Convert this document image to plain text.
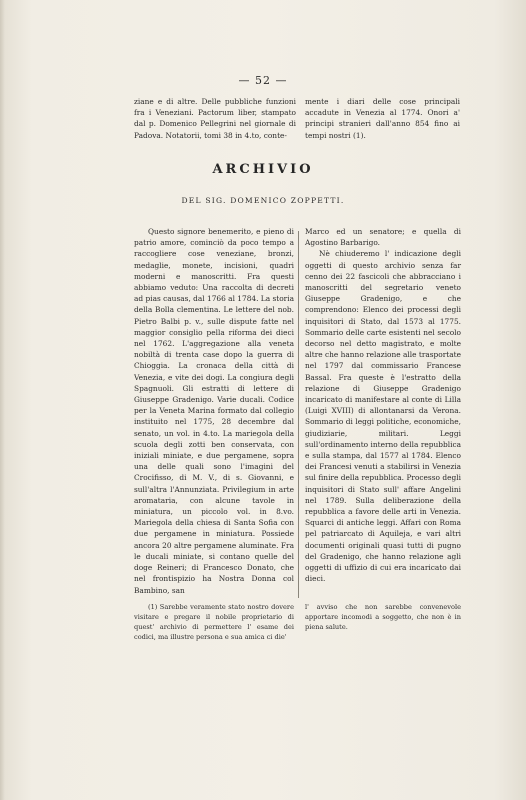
— 52 —

ziane e di altre. Delle pubbliche funzioni fra i Veneziani. Pactorum liber, stampato dal p. Domenico Pellegrini nel giornale di Padova. Notatorii, tomi 38 in 4.to, conte-

mente i diari delle cose principali accadute in Venezia al 1774. Onori a' principi stranieri dall'anno 854 fino ai tempi nostri (1).

ARCHIVIO
DEL SIG. DOMENICO ZOPPETTI.

Questo signore benemerito, e pieno di patrio amore, cominciò da poco tempo a raccogliere cose veneziane, bronzi, medaglie, monete, incisioni, quadri moderni e manoscritti. Fra questi abbiamo veduto: Una raccolta di decreti ad pias causas, dal 1766 al 1784. La storia della Bolla clementina. Le lettere del nob. Pietro Balbi p. v., sulle dispute fatte nel maggior consiglio pella riforma dei dieci nel 1762. L'aggregazione alla veneta nobiltà di trenta case dopo la guerra di Chioggia. La cronaca della città di Venezia, e vite dei dogi. La congiura degli Spagnuoli. Gli estratti di lettere di Giuseppe Gradenigo. Varie ducali. Codice per la Veneta Marina formato dal collegio instituito nel 1775, 28 decembre dal senato, un vol. in 4.to. La mariegola della scuola degli zotti ben conservata, con iniziali miniate, e due pergamene, sopra una delle quali sono l'imagini del Crocifisso, di M. V., di s. Giovanni, e sull'altra l'Annunziata. Privilegium in arte aromataria, con alcune tavole in miniatura, un piccolo vol. in 8.vo. Mariegola della chiesa di Santa Sofia con due pergamene in miniatura. Possiede ancora 20 altre pergamene aluminate. Fra le ducali miniate, si contano quelle del doge Reineri; di Francesco Donato, che nel frontispizio ha Nostra Donna col Bambino, san

Marco ed un senatore; e quella di Agostino Barbarigo.

Nè chiuderemo l' indicazione degli oggetti di questo archivio senza far cenno dei 22 fascicoli che abbracciano i manoscritti del segretario veneto Giuseppe Gradenigo, e che comprendono: Elenco dei processi degli inquisitori di Stato, dal 1573 al 1775. Sommario delle carte esistenti nel secolo decorso nel detto magistrato, e molte altre che hanno relazione alle trasportate nel 1797 dal commissario Francese Bassal. Fra queste è l'estratto della relazione di Giuseppe Gradenigo incaricato di manifestare al conte di Lilla (Luigi XVIII) di allontanarsi da Verona. Sommario di leggi politiche, economiche, giudiziarie, militari. Leggi sull'ordinamento interno della repubblica e sulla stampa, dal 1577 al 1784. Elenco dei Francesi venuti a stabilirsi in Venezia sul finire della repubblica. Processo degli inquisitori di Stato sull' affare Angelini nel 1789. Sulla deliberazione della repubblica a favore delle arti in Venezia. Squarci di antiche leggi. Affari con Roma pel patriarcato di Aquileja, e vari altri documenti originali quasi tutti di pugno del Gradenigo, che hanno relazione agli oggetti di uffizio di cui era incaricato dai dieci.

(1) Sarebbe veramente stato nostro dovere visitare e pregare il nobile proprietario di quest' archivio di permettere l' esame dei codici, ma illustre persona e sua amica ci die'

l' avviso che non sarebbe convenevole apportare incomodi a soggetto, che non è in piena salute.
